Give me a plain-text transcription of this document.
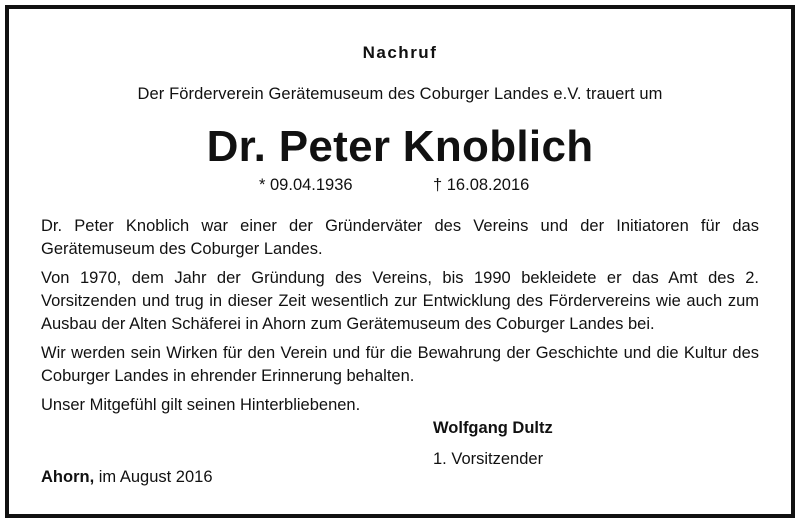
Nachruf
Der Förderverein Gerätemuseum des Coburger Landes e.V. trauert um
Dr. Peter Knoblich
* 09.04.1936	† 16.08.2016

Dr. Peter Knoblich war einer der Gründerväter des Vereins und der Initiatoren für das Gerätemuseum des Coburger Landes.

Von 1970, dem Jahr der Gründung des Vereins, bis 1990 bekleidete er das Amt des 2. Vorsitzenden und trug in dieser Zeit wesentlich zur Entwicklung des Fördervereins wie auch zum Ausbau der Alten Schäferei in Ahorn zum Gerätemuseum des Coburger Landes bei.

Wir werden sein Wirken für den Verein und für die Bewahrung der Geschichte und die Kultur des Coburger Landes in ehrender Erinnerung behalten.

Unser Mitgefühl gilt seinen Hinterbliebenen.

Wolfgang Dultz
1. Vorsitzender
Ahorn, im August 2016
